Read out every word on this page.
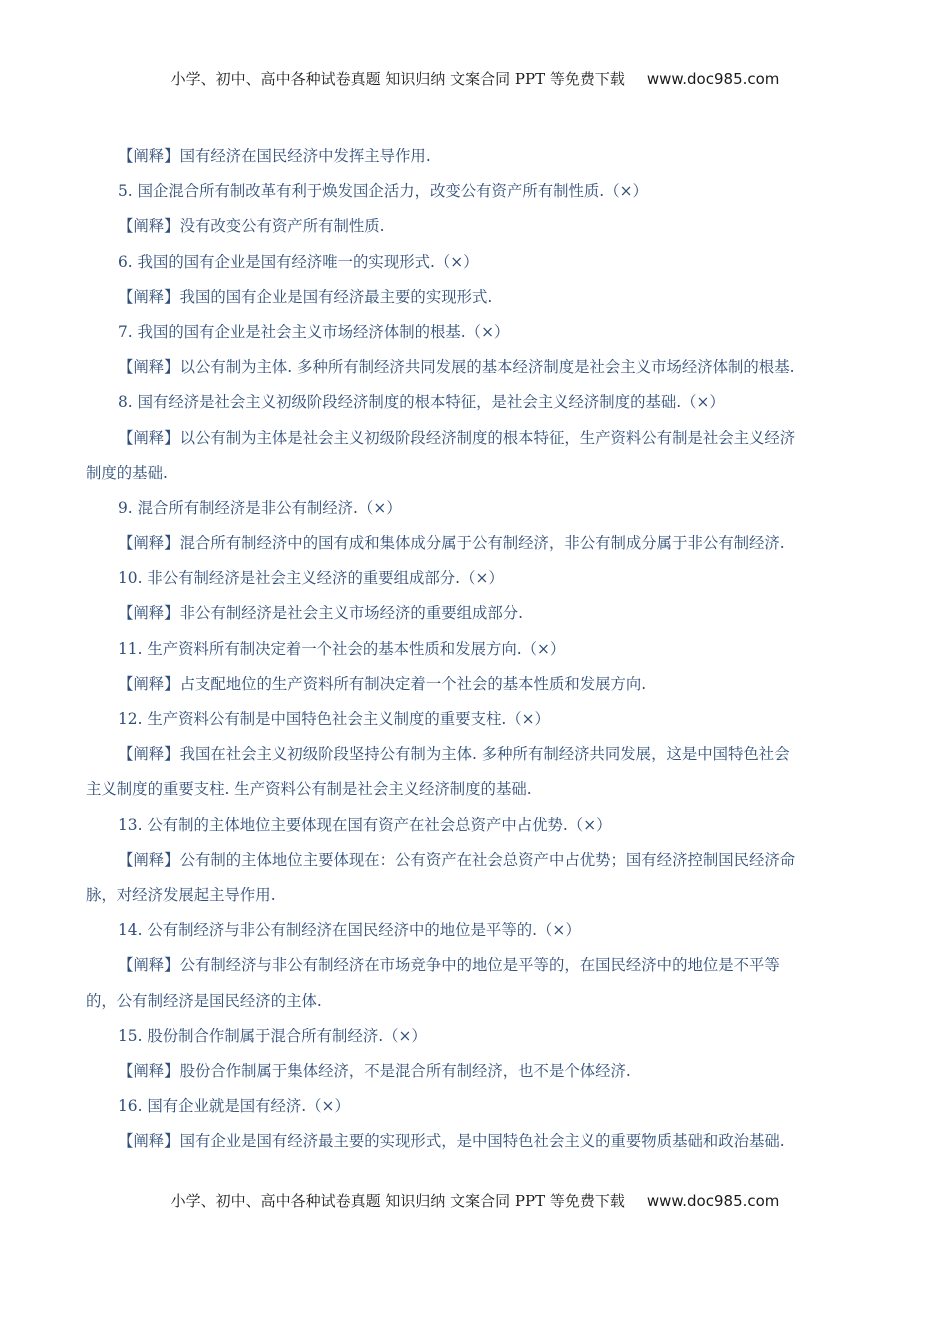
小学、初中、高中各种试卷真题 知识归纳 文案合同 PPT 等免费下载 www.doc985.com
【阐释】国有经济在国民经济中发挥主导作用.
5. 国企混合所有制改革有利于焕发国企活力，改变公有资产所有制性质.（×）
【阐释】没有改变公有资产所有制性质.
6. 我国的国有企业是国有经济唯一的实现形式.（×）
【阐释】我国的国有企业是国有经济最主要的实现形式.
7. 我国的国有企业是社会主义市场经济体制的根基.（×）
【阐释】以公有制为主体. 多种所有制经济共同发展的基本经济制度是社会主义市场经济体制的根基.
8. 国有经济是社会主义初级阶段经济制度的根本特征，是社会主义经济制度的基础.（×）
【阐释】以公有制为主体是社会主义初级阶段经济制度的根本特征，生产资料公有制是社会主义经济
制度的基础.
9. 混合所有制经济是非公有制经济.（×）
【阐释】混合所有制经济中的国有成和集体成分属于公有制经济，非公有制成分属于非公有制经济.
10. 非公有制经济是社会主义经济的重要组成部分.（×）
【阐释】非公有制经济是社会主义市场经济的重要组成部分.
11. 生产资料所有制决定着一个社会的基本性质和发展方向.（×）
【阐释】占支配地位的生产资料所有制决定着一个社会的基本性质和发展方向.
12. 生产资料公有制是中国特色社会主义制度的重要支柱.（×）
【阐释】我国在社会主义初级阶段坚持公有制为主体. 多种所有制经济共同发展，这是中国特色社会
主义制度的重要支柱. 生产资料公有制是社会主义经济制度的基础.
13. 公有制的主体地位主要体现在国有资产在社会总资产中占优势.（×）
【阐释】公有制的主体地位主要体现在：公有资产在社会总资产中占优势；国有经济控制国民经济命
脉，对经济发展起主导作用.
14. 公有制经济与非公有制经济在国民经济中的地位是平等的.（×）
【阐释】公有制经济与非公有制经济在市场竞争中的地位是平等的，在国民经济中的地位是不平等
的，公有制经济是国民经济的主体.
15. 股份制合作制属于混合所有制经济.（×）
【阐释】股份合作制属于集体经济，不是混合所有制经济，也不是个体经济.
16. 国有企业就是国有经济.（×）
【阐释】国有企业是国有经济最主要的实现形式，是中国特色社会主义的重要物质基础和政治基础.
小学、初中、高中各种试卷真题 知识归纳 文案合同 PPT 等免费下载 www.doc985.com
